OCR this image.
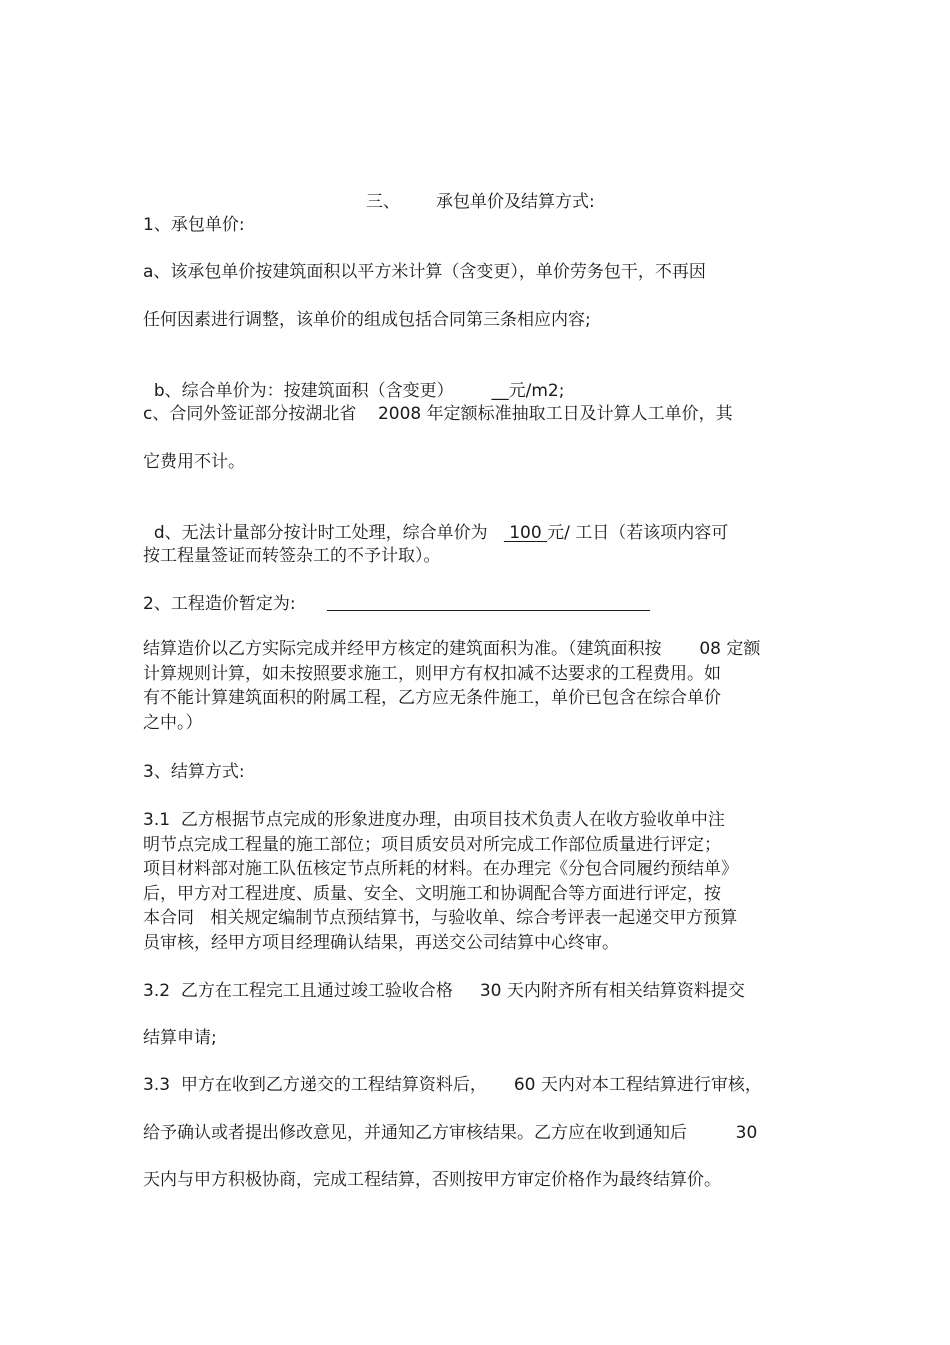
三、 承包单价及结算方式:

1、承包单价:
a、该承包单价按建筑面积以平方米计算（含变更），单价劳务包干，不再因
任何因素进行调整，该单价的组成包括合同第三条相应内容;

b、综合单价为：按建筑面积（含变更） __元/m2;

c、合同外签证部分按湖北省    2008 年定额标准抽取工日及计算人工单价，其
它费用不计。

d、无法计量部分按计时工处理，综合单价为    100 元/ 工日（若该项内容可

按工程量签证而转签杂工的不予计取）。
2、工程造价暂定为:
结算造价以乙方实际完成并经甲方核定的建筑面积为准。（建筑面积按       08 定额
计算规则计算，如未按照要求施工，则甲方有权扣减不达要求的工程费用。如
有不能计算建筑面积的附属工程，乙方应无条件施工，单价已包含在综合单价
之中。）
3、结算方式:
3.1  乙方根据节点完成的形象进度办理，由项目技术负责人在收方验收单中注
明节点完成工程量的施工部位；项目质安员对所完成工作部位质量进行评定；
项目材料部对施工队伍核定节点所耗的材料。在办理完《分包合同履约预结单》
后，甲方对工程进度、质量、安全、文明施工和协调配合等方面进行评定，按
本合同   相关规定编制节点预结算书，与验收单、综合考评表一起递交甲方预算
员审核，经甲方项目经理确认结果，再送交公司结算中心终审。
3.2  乙方在工程完工且通过竣工验收合格     30 天内附齐所有相关结算资料提交
结算申请;
3.3  甲方在收到乙方递交的工程结算资料后，     60 天内对本工程结算进行审核，
给予确认或者提出修改意见，并通知乙方审核结果。乙方应在收到通知后         30
天内与甲方积极协商，完成工程结算，否则按甲方审定价格作为最终结算价。
